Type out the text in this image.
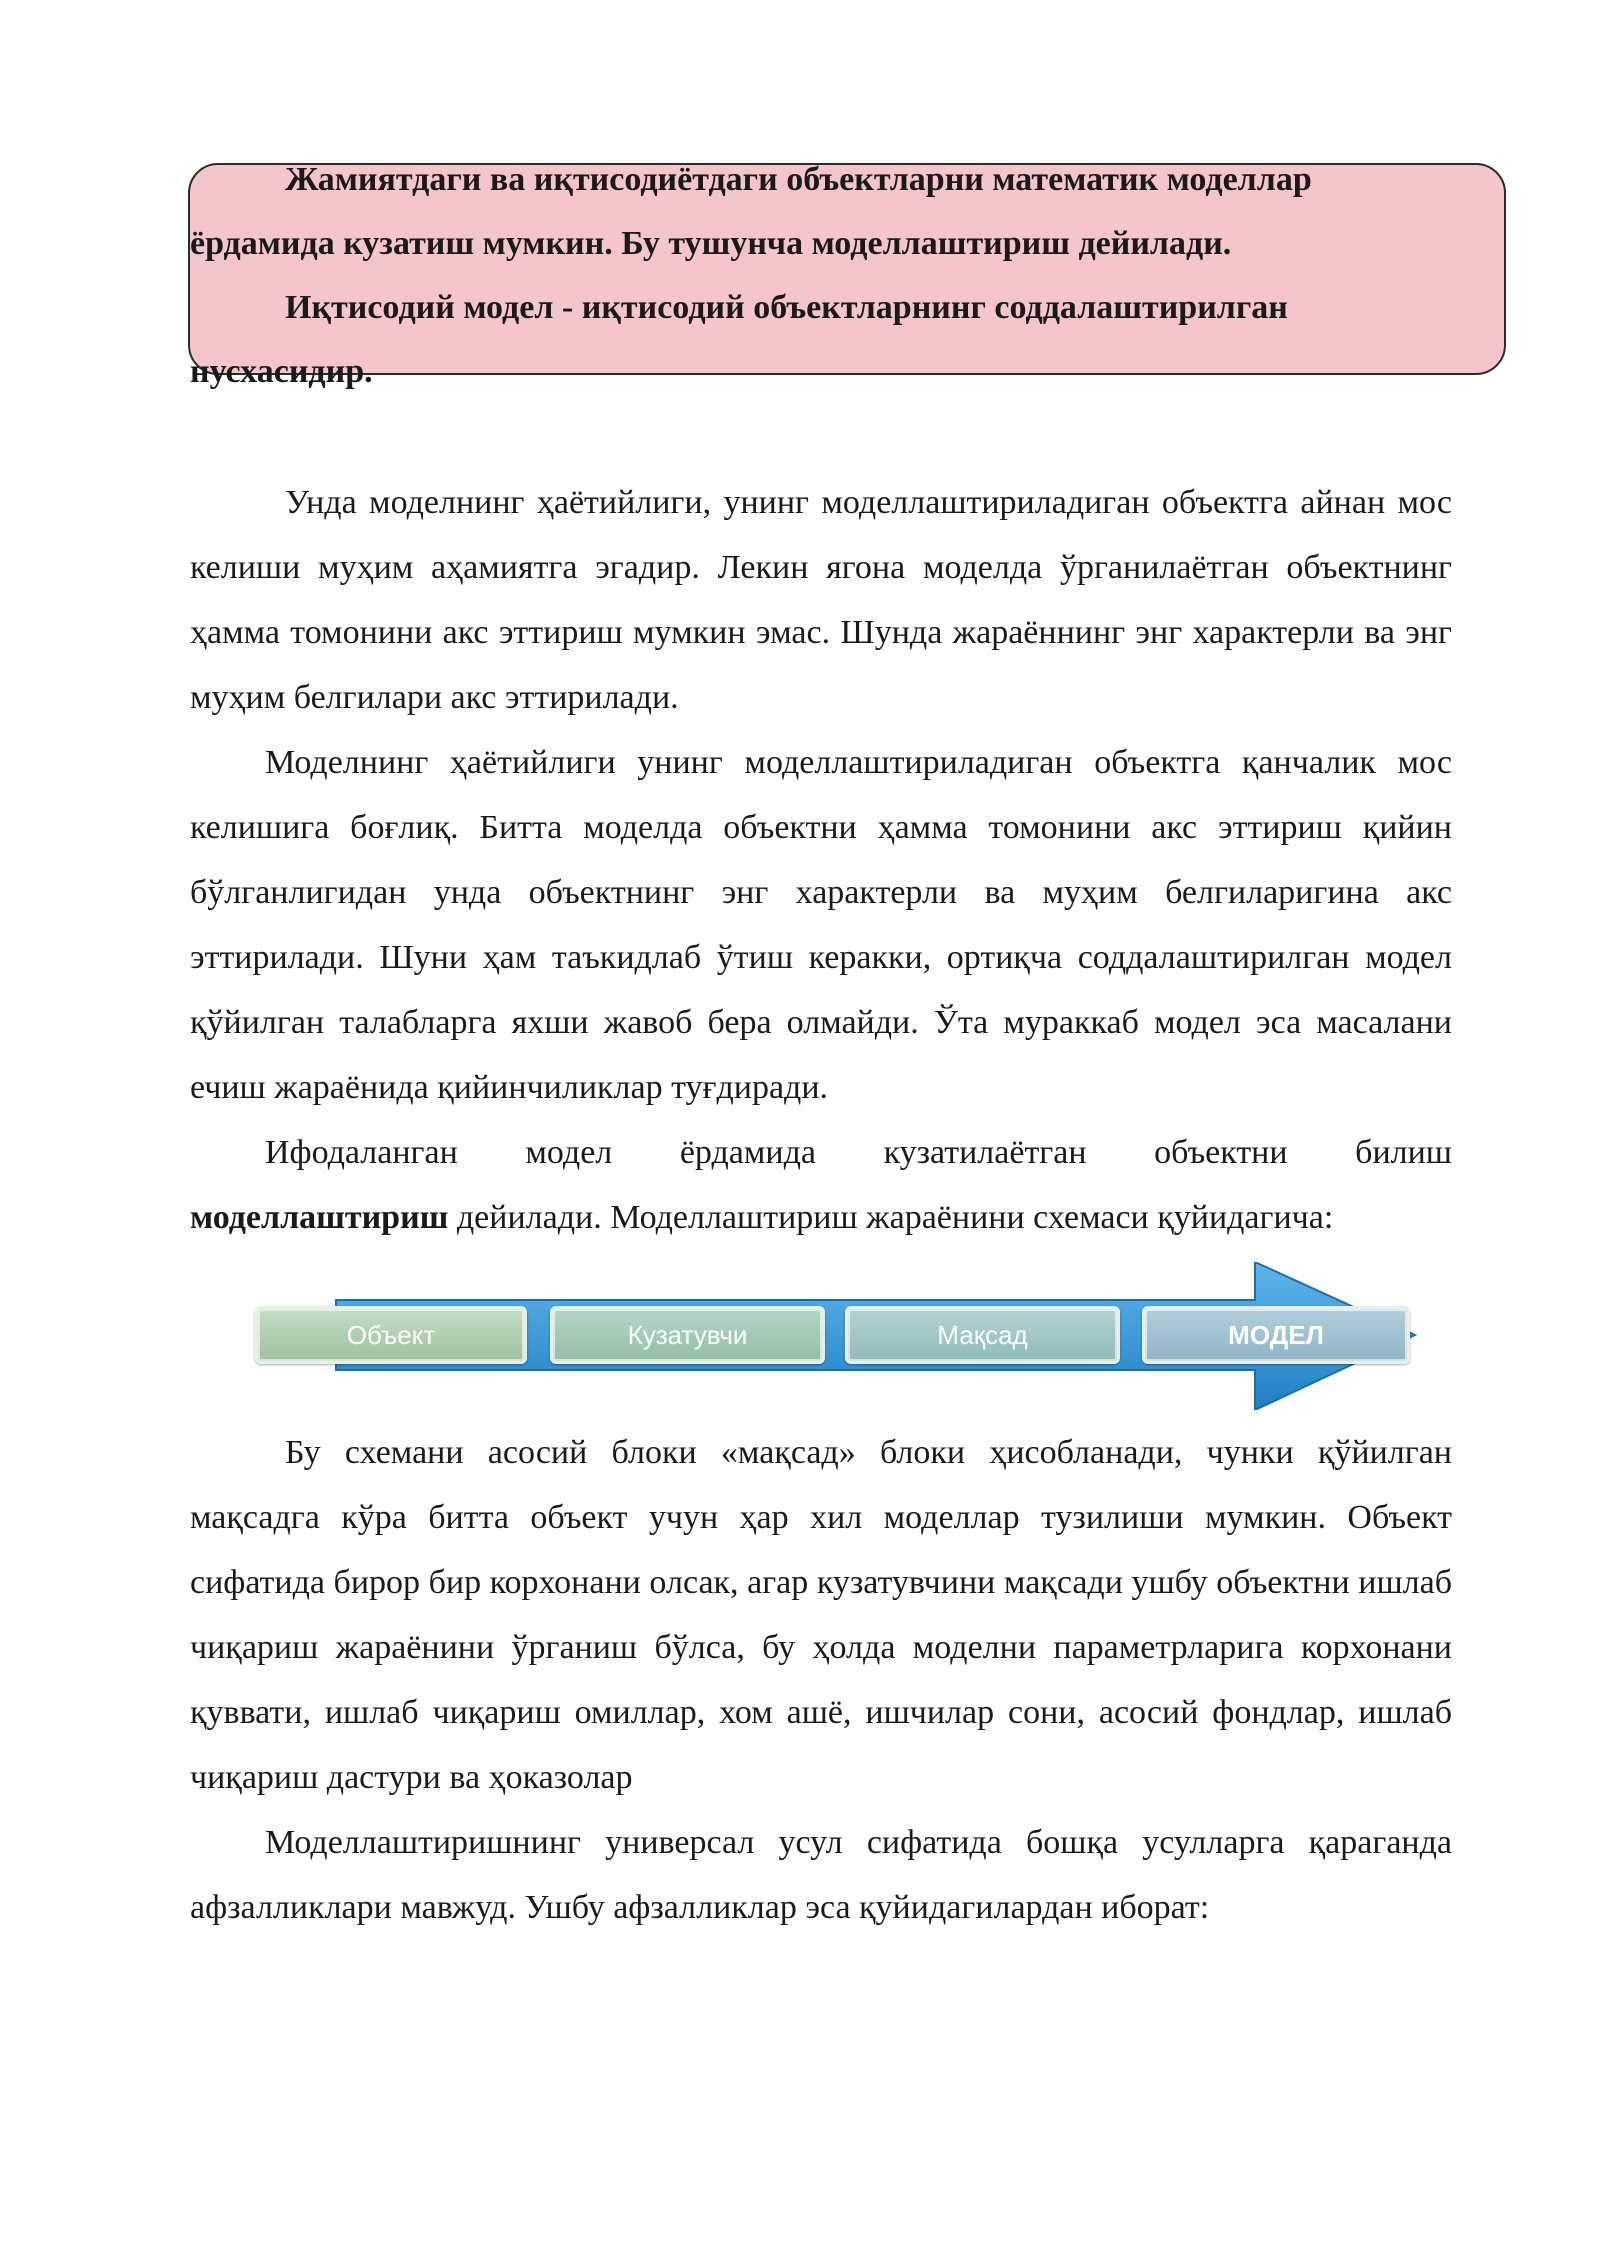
Жамиятдаги ва иқтисодиётдаги объектларни математик моделлар ёрдамида кузатиш мумкин. Бу тушунча моделлаштириш дейилади.

Иқтисодий модел - иқтисодий объектларнинг соддалаштирилган нусхасидир.

Унда моделнинг ҳаётийлиги, унинг моделлаштириладиган объектга айнан мос келиши муҳим аҳамиятга эгадир. Лекин ягона моделда ўрганилаётган объектнинг ҳамма томонини акс эттириш мумкин эмас. Шунда жараённинг энг характерли ва энг муҳим белгилари акс эттирилади.

Моделнинг ҳаётийлиги унинг моделлаштириладиган объектга қанчалик мос келишига боғлиқ. Битта моделда объектни ҳамма томонини акс эттириш қийин бўлганлигидан унда объектнинг энг характерли ва муҳим белгиларигина акс эттирилади. Шуни ҳам таъкидлаб ўтиш керакки, ортиқча соддалаштирилган модел қўйилган талабларга яхши жавоб бера олмайди. Ўта мураккаб модел эса масалани ечиш жараёнида қийинчиликлар туғдиради.

Ифодаланган модел ёрдамида кузатилаётган объектни билиш

моделлаштириш дейилади. Моделлаштириш жараёнини схемаси қуйидагича:

Объект	Кузатувчи	Мақсад	МОДЕЛ

Бу схемани асосий блоки «мақсад» блоки ҳисобланади, чунки қўйилган мақсадга кўра битта объект учун ҳар хил моделлар тузилиши мумкин. Объект сифатида бирор бир корхонани олсак, агар кузатувчини мақсади ушбу объектни ишлаб чиқариш жараёнини ўрганиш бўлса, бу ҳолда моделни параметрларига корхонани қуввати, ишлаб чиқариш омиллар, хом ашё, ишчилар сони, асосий фондлар, ишлаб чиқариш дастури ва ҳоказолар

Моделлаштиришнинг универсал усул сифатида бошқа усулларга қараганда афзалликлари мавжуд. Ушбу афзалликлар эса қуйидагилардан иборат:
